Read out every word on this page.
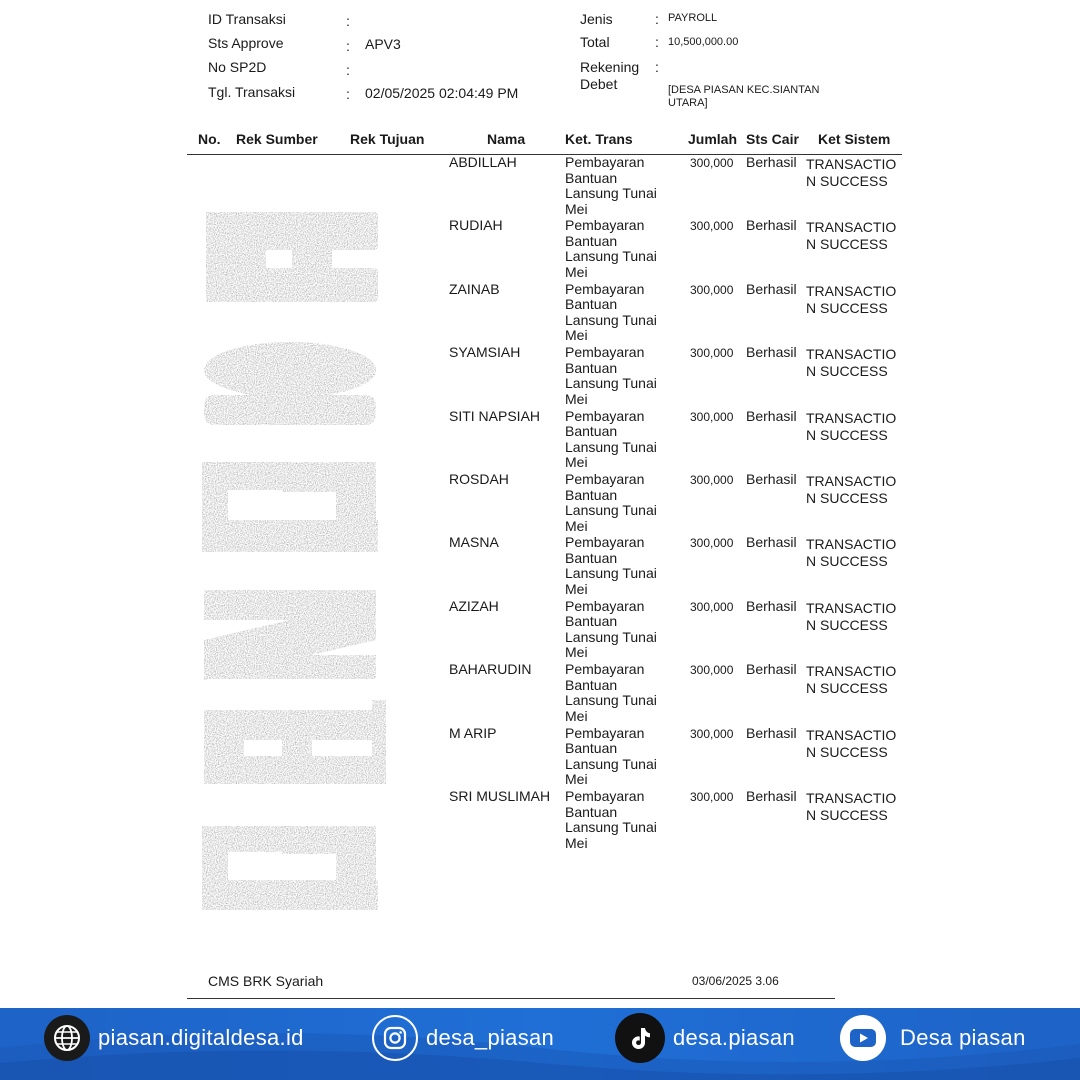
ID Transaksi	:
Sts Approve	: APV3
No SP2D	:
Tgl. Transaksi	: 02/05/2025 02:04:49 PM
Jenis	: PAYROLL
Total	: 10,500,000.00
Rekening
Debet
:
[DESA PIASAN KEC.SIANTAN
UTARA]
No. Rek Sumber Rek Tujuan	Nama	Ket. Trans	Jumlah Sts Cair Ket Sistem
ABDILLAH	Pembayaran
Bantuan
Lansung Tunai
Mei
300,000 Berhasil TRANSACTIO
N SUCCESS
RUDIAH	Pembayaran
Bantuan
Lansung Tunai
Mei
300,000 Berhasil TRANSACTIO
N SUCCESS
ZAINAB	Pembayaran
Bantuan
Lansung Tunai
Mei
300,000 Berhasil TRANSACTIO
N SUCCESS
SYAMSIAH	Pembayaran
Bantuan
Lansung Tunai
Mei
300,000 Berhasil TRANSACTIO
N SUCCESS
SITI NAPSIAH Pembayaran
Bantuan
Lansung Tunai
Mei
300,000 Berhasil TRANSACTIO
N SUCCESS
ROSDAH	Pembayaran
Bantuan
Lansung Tunai
Mei
300,000 Berhasil TRANSACTIO
N SUCCESS
MASNA	Pembayaran
Bantuan
Lansung Tunai
Mei
300,000 Berhasil TRANSACTIO
N SUCCESS
AZIZAH	Pembayaran
Bantuan
Lansung Tunai
Mei
300,000 Berhasil TRANSACTIO
N SUCCESS
BAHARUDIN Pembayaran
Bantuan
Lansung Tunai
Mei
300,000 Berhasil TRANSACTIO
N SUCCESS
M ARIP	Pembayaran
Bantuan
Lansung Tunai
Mei
300,000 Berhasil TRANSACTIO
N SUCCESS
SRI MUSLIMAH Pembayaran
Bantuan
Lansung Tunai
Mei
300,000 Berhasil TRANSACTIO
N SUCCESS
CMS BRK Syariah	03/06/2025 3.06
piasan.digitaldesa.id	desa_piasan	desa.piasan	Desa piasan
